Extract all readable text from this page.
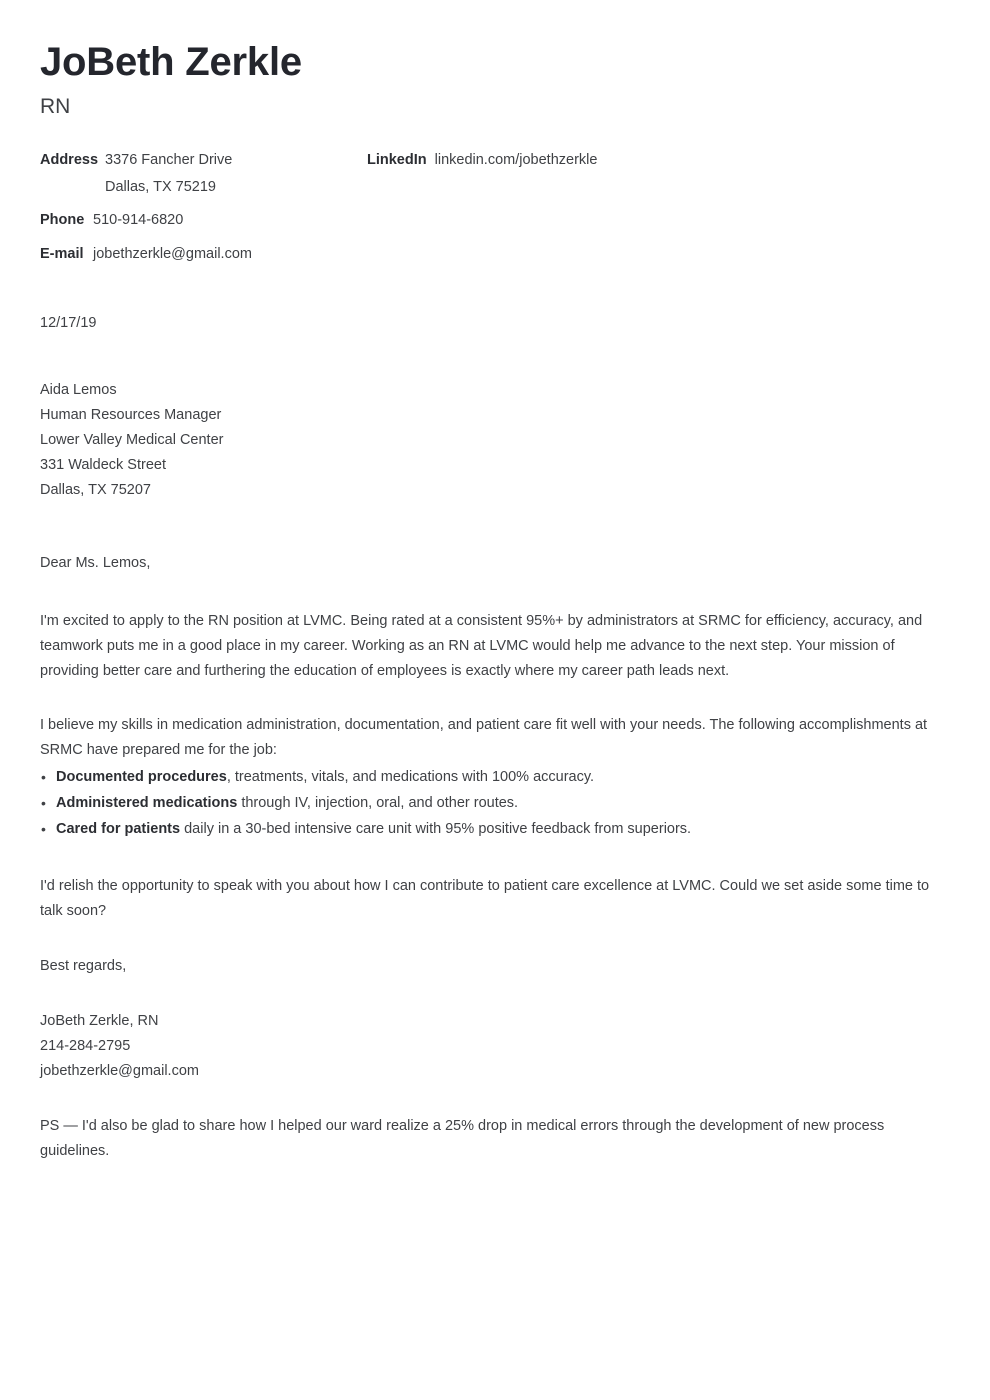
JoBeth Zerkle
RN
Address 3376 Fancher Drive
Dallas, TX 75219
Phone 510-914-6820
E-mail jobethzerkle@gmail.com
LinkedIn linkedin.com/jobethzerkle
12/17/19
Aida Lemos
Human Resources Manager
Lower Valley Medical Center
331 Waldeck Street
Dallas, TX 75207
Dear Ms. Lemos,

I'm excited to apply to the RN position at LVMC. Being rated at a consistent 95%+ by administrators at SRMC for efficiency, accuracy, and teamwork puts me in a good place in my career. Working as an RN at LVMC would help me advance to the next step. Your mission of providing better care and furthering the education of employees is exactly where my career path leads next.

I believe my skills in medication administration, documentation, and patient care fit well with your needs. The following accomplishments at SRMC have prepared me for the job:

• Documented procedures, treatments, vitals, and medications with 100% accuracy.
• Administered medications through IV, injection, oral, and other routes.
• Cared for patients daily in a 30-bed intensive care unit with 95% positive feedback from superiors.

I'd relish the opportunity to speak with you about how I can contribute to patient care excellence at LVMC. Could we set aside some time to talk soon?

Best regards,
JoBeth Zerkle, RN
214-284-2795
jobethzerkle@gmail.com

PS — I'd also be glad to share how I helped our ward realize a 25% drop in medical errors through the development of new process guidelines.
